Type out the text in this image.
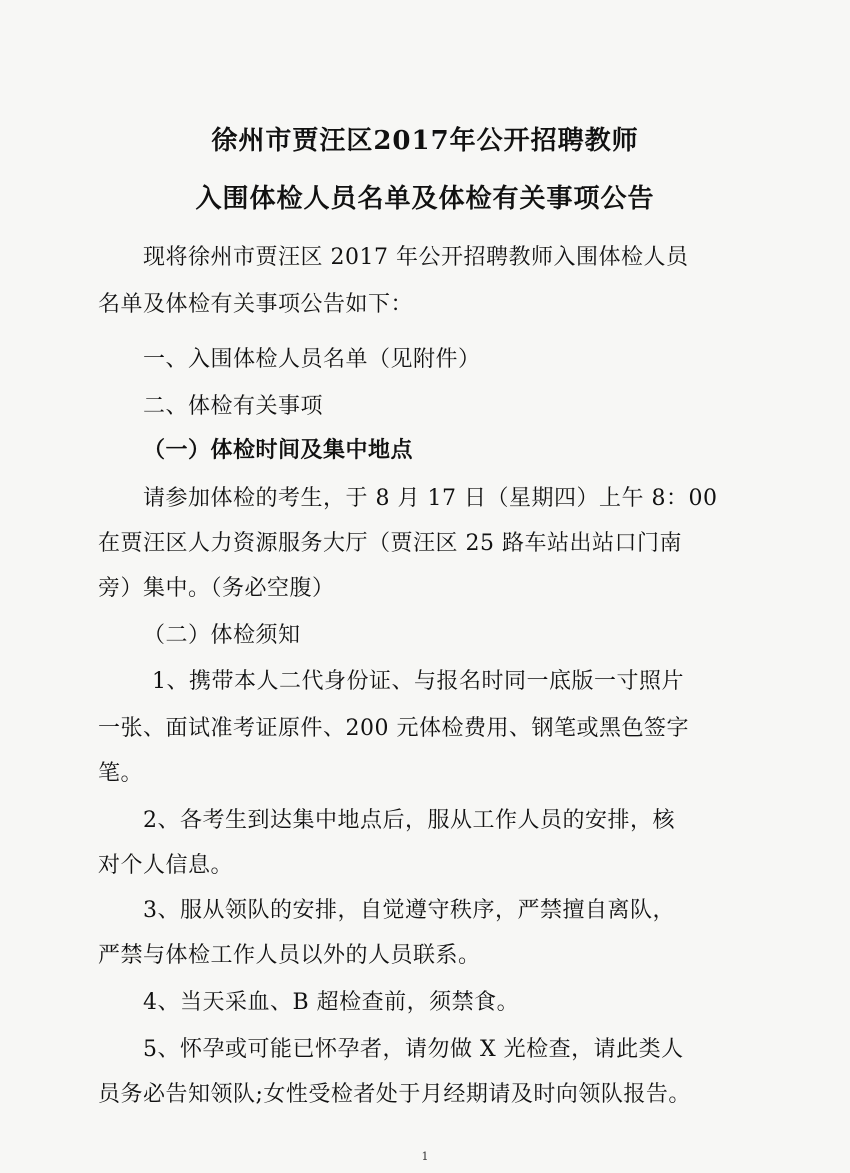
徐州市贾汪区2017年公开招聘教师
入围体检人员名单及体检有关事项公告
现将徐州市贾汪区 2017 年公开招聘教师入围体检人员
名单及体检有关事项公告如下：
一、入围体检人员名单（见附件）
二、体检有关事项
（一）体检时间及集中地点
请参加体检的考生，于 8 月 17 日（星期四）上午 8：00
在贾汪区人力资源服务大厅（贾汪区 25 路车站出站口门南
旁）集中。（务必空腹）
（二）体检须知
1、携带本人二代身份证、与报名时同一底版一寸照片
一张、面试准考证原件、200 元体检费用、钢笔或黑色签字
笔。
2、各考生到达集中地点后，服从工作人员的安排，核
对个人信息。
3、服从领队的安排，自觉遵守秩序，严禁擅自离队，
严禁与体检工作人员以外的人员联系。
4、当天采血、B 超检查前，须禁食。
5、怀孕或可能已怀孕者，请勿做 X 光检查，请此类人
员务必告知领队;女性受检者处于月经期请及时向领队报告。
1
